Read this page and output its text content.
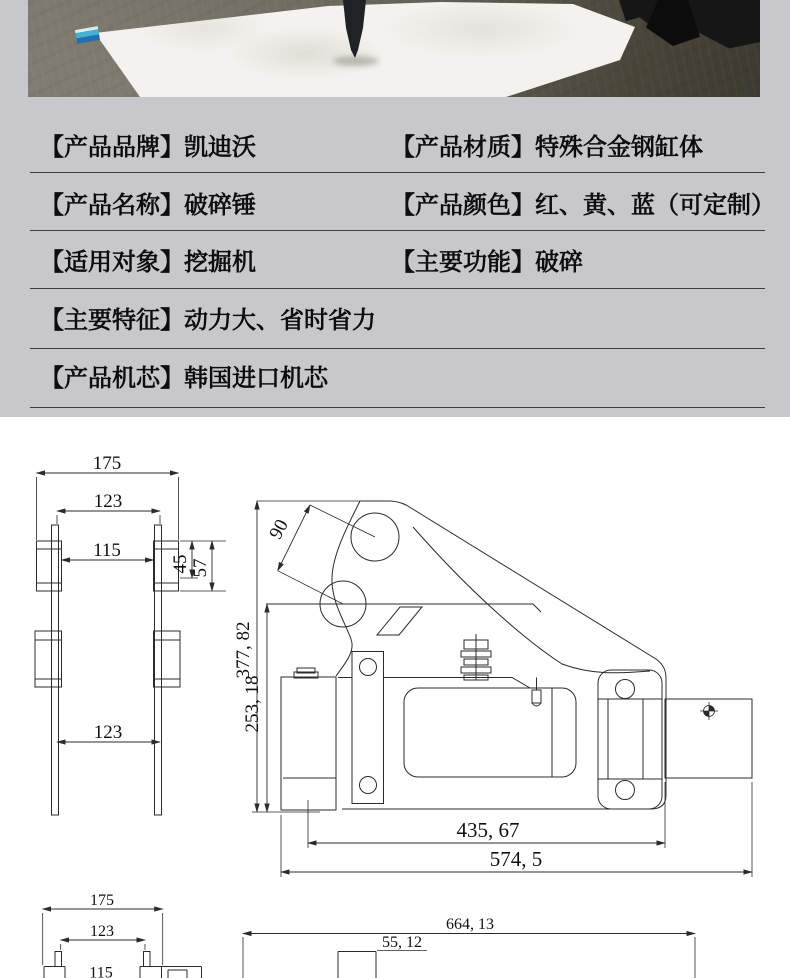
【产品品牌】凯迪沃	【产品材质】特殊合金钢缸体
【产品名称】破碎锤	【产品颜色】红、黄、蓝（可定制）
【适用对象】挖掘机	【主要功能】破碎
【主要特征】动力大、省时省力
【产品机芯】韩国进口机芯
175
123
115
45 57
123
90
435, 67
574, 5
377, 82
253, 18
175
123
115
664, 13
55, 12
